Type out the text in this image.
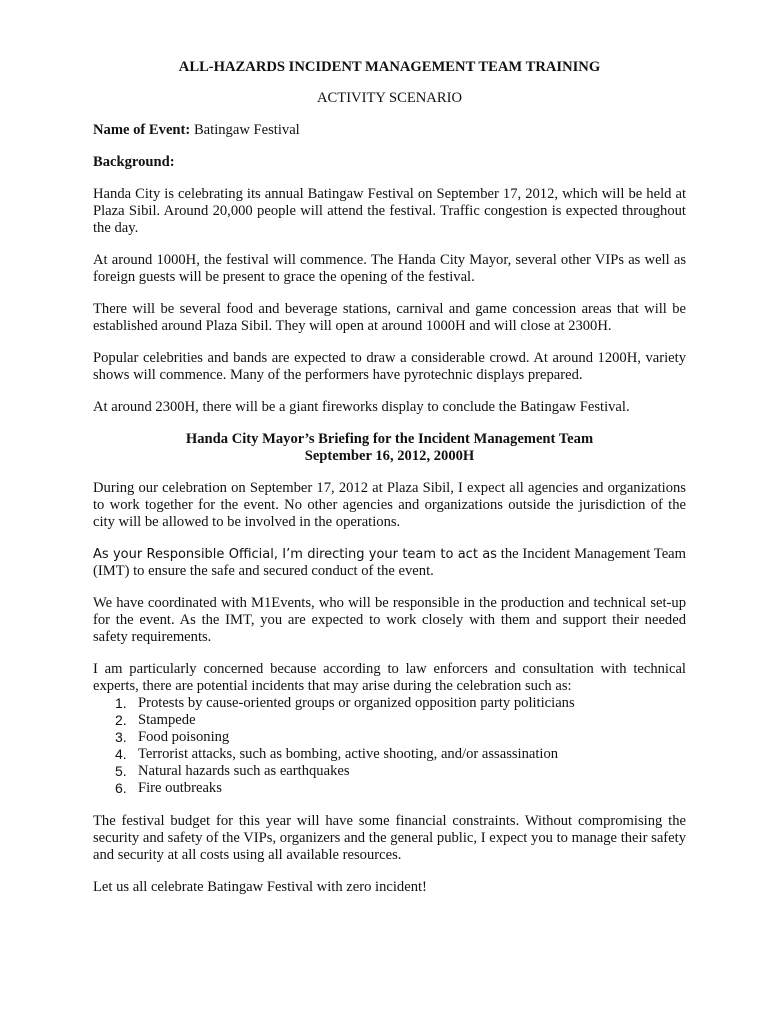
ALL-HAZARDS INCIDENT MANAGEMENT TEAM TRAINING
ACTIVITY SCENARIO
Name of Event: Batingaw Festival
Background:
Handa City is celebrating its annual Batingaw Festival on September 17, 2012, which will be held at Plaza Sibil. Around 20,000 people will attend the festival. Traffic congestion is expected throughout the day.
At around 1000H, the festival will commence. The Handa City Mayor, several other VIPs as well as foreign guests will be present to grace the opening of the festival.
There will be several food and beverage stations, carnival and game concession areas that will be established around Plaza Sibil. They will open at around 1000H and will close at 2300H.
Popular celebrities and bands are expected to draw a considerable crowd. At around 1200H, variety shows will commence. Many of the performers have pyrotechnic displays prepared.
At around 2300H, there will be a giant fireworks display to conclude the Batingaw Festival.
Handa City Mayor’s Briefing for the Incident Management Team
September 16, 2012, 2000H
During our celebration on September 17, 2012 at Plaza Sibil, I expect all agencies and organizations to work together for the event. No other agencies and organizations outside the jurisdiction of the city will be allowed to be involved in the operations.
As your Responsible Official, I’m directing your team to act as the Incident Management Team (IMT) to ensure the safe and secured conduct of the event.
We have coordinated with M1Events, who will be responsible in the production and technical set-up for the event. As the IMT, you are expected to work closely with them and support their needed safety requirements.
I am particularly concerned because according to law enforcers and consultation with technical experts, there are potential incidents that may arise during the celebration such as:
1. Protests by cause-oriented groups or organized opposition party politicians
2. Stampede
3. Food poisoning
4. Terrorist attacks, such as bombing, active shooting, and/or assassination
5. Natural hazards such as earthquakes
6. Fire outbreaks
The festival budget for this year will have some financial constraints. Without compromising the security and safety of the VIPs, organizers and the general public, I expect you to manage their safety and security at all costs using all available resources.
Let us all celebrate Batingaw Festival with zero incident!
